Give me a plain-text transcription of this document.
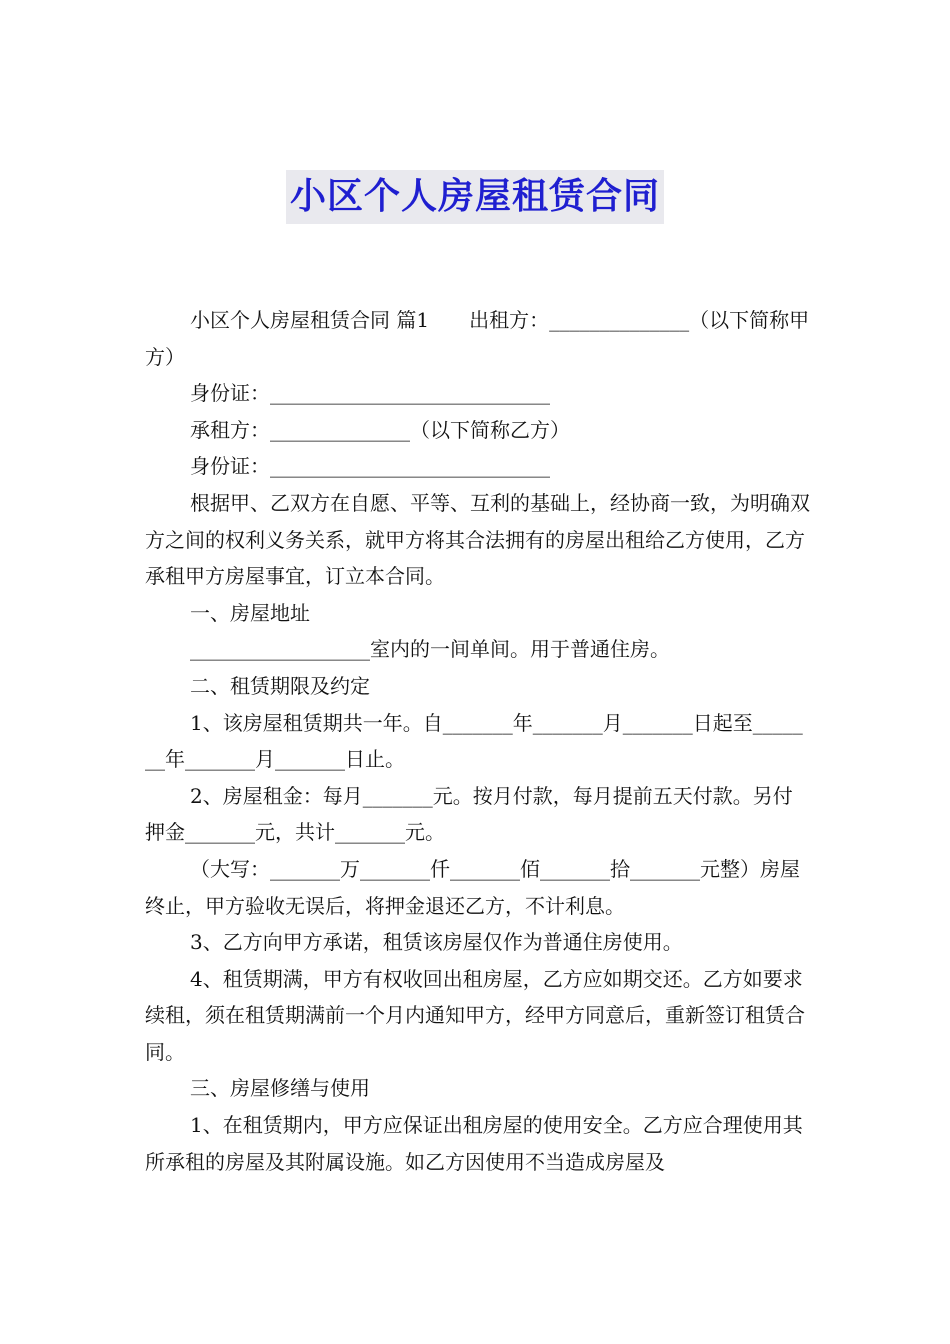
小区个人房屋租赁合同

小区个人房屋租赁合同 篇1　　出租方：______________（以下简称甲方）

身份证：____________________________

承租方：______________（以下简称乙方）

身份证：____________________________

根据甲、乙双方在自愿、平等、互利的基础上，经协商一致，为明确双方之间的权利义务关系，就甲方将其合法拥有的房屋出租给乙方使用，乙方承租甲方房屋事宜，订立本合同。

一、房屋地址

__________________室内的一间单间。用于普通住房。

二、租赁期限及约定

1、该房屋租赁期共一年。自_______年_______月_______日起至_______年_______月_______日止。

2、房屋租金：每月_______元。按月付款，每月提前五天付款。另付押金_______元，共计_______元。

（大写：_______万_______仟_______佰_______拾_______元整）房屋终止，甲方验收无误后，将押金退还乙方，不计利息。

3、乙方向甲方承诺，租赁该房屋仅作为普通住房使用。

4、租赁期满，甲方有权收回出租房屋，乙方应如期交还。乙方如要求续租，须在租赁期满前一个月内通知甲方，经甲方同意后，重新签订租赁合同。

三、房屋修缮与使用

1、在租赁期内，甲方应保证出租房屋的使用安全。乙方应合理使用其所承租的房屋及其附属设施。如乙方因使用不当造成房屋及
